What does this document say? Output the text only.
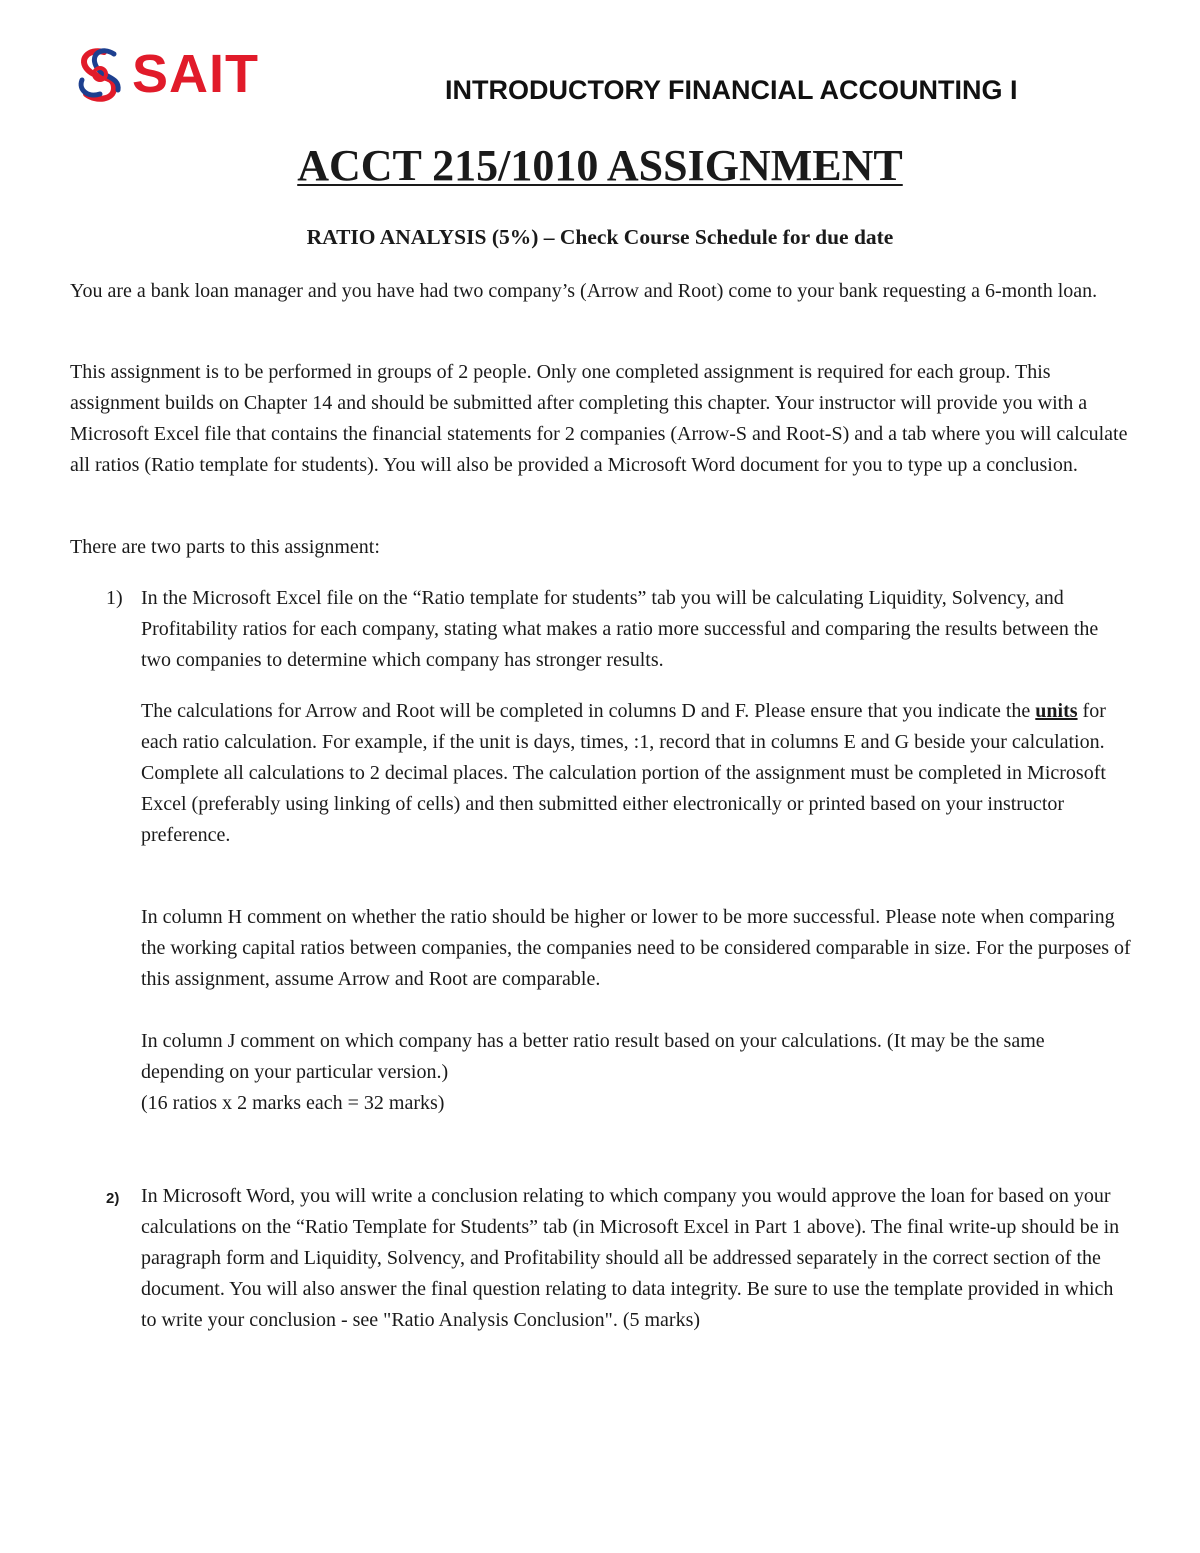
SAIT	INTRODUCTORY FINANCIAL ACCOUNTING I
ACCT 215/1010 ASSIGNMENT
RATIO ANALYSIS (5%) – Check Course Schedule for due date

You are a bank loan manager and you have had two company’s (Arrow and Root) come to your bank requesting a 6-month loan.

This assignment is to be performed in groups of 2 people. Only one completed assignment is required for each group. This assignment builds on Chapter 14 and should be submitted after completing this chapter. Your instructor will provide you with a Microsoft Excel file that contains the financial statements for 2 companies (Arrow-S and Root-S) and a tab where you will calculate all ratios (Ratio template for students). You will also be provided a Microsoft Word document for you to type up a conclusion.

There are two parts to this assignment:

1) In the Microsoft Excel file on the “Ratio template for students” tab you will be calculating Liquidity, Solvency, and Profitability ratios for each company, stating what makes a ratio more successful and comparing the results between the two companies to determine which company has stronger results.

The calculations for Arrow and Root will be completed in columns D and F. Please ensure that you indicate the units for each ratio calculation. For example, if the unit is days, times, :1, record that in columns E and G beside your calculation. Complete all calculations to 2 decimal places. The calculation portion of the assignment must be completed in Microsoft Excel (preferably using linking of cells) and then submitted either electronically or printed based on your instructor preference.

In column H comment on whether the ratio should be higher or lower to be more successful. Please note when comparing the working capital ratios between companies, the companies need to be considered comparable in size. For the purposes of this assignment, assume Arrow and Root are comparable.

In column J comment on which company has a better ratio result based on your calculations. (It may be the same depending on your particular version.)

(16 ratios x 2 marks each = 32 marks)

2) In Microsoft Word, you will write a conclusion relating to which company you would approve the loan for based on your calculations on the “Ratio Template for Students” tab (in Microsoft Excel in Part 1 above). The final write-up should be in paragraph form and Liquidity, Solvency, and Profitability should all be addressed separately in the correct section of the document. You will also answer the final question relating to data integrity. Be sure to use the template provided in which to write your conclusion - see "Ratio Analysis Conclusion". (5 marks)
